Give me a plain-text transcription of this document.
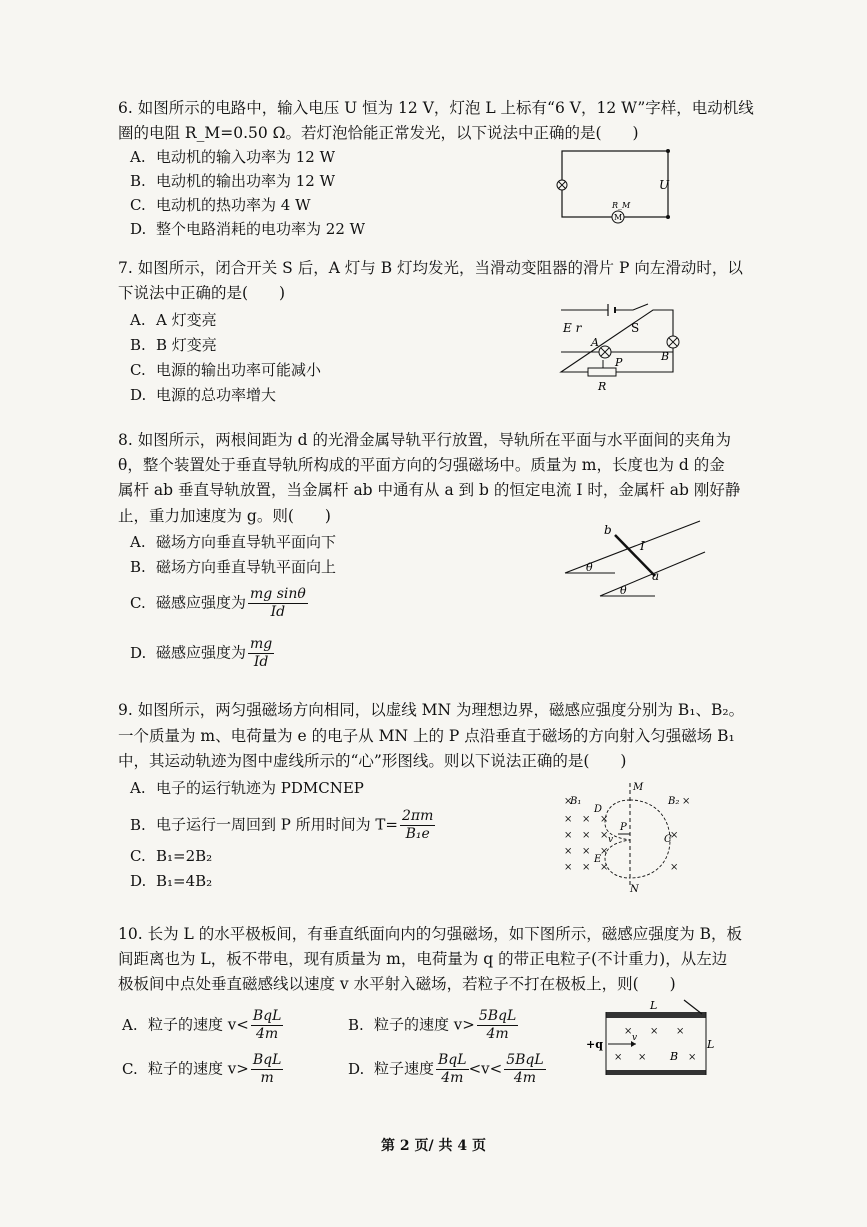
6. 如图所示的电路中，输入电压 U 恒为 12 V，灯泡 L 上标有“6 V，12 W”字样，电动机线
圈的电阻 R_M=0.50 Ω。若灯泡恰能正常发光，以下说法中正确的是(　　)
A. 电动机的输入功率为 12 W
B. 电动机的输出功率为 12 W
C. 电动机的热功率为 4 W
D. 整个电路消耗的电功率为 22 W
M
R_M
U
7. 如图所示，闭合开关 S 后，A 灯与 B 灯均发光，当滑动变阻器的滑片 P 向左滑动时，以
下说法中正确的是(　　)
A. A 灯变亮
B. B 灯变亮
C. 电源的输出功率可能减小
D. 电源的总功率增大
E r	S
A
B
P
R
8. 如图所示，两根间距为 d 的光滑金属导轨平行放置，导轨所在平面与水平面间的夹角为
θ，整个装置处于垂直导轨所构成的平面方向的匀强磁场中。质量为 m，长度也为 d 的金
属杆 ab 垂直导轨放置，当金属杆 ab 中通有从 a 到 b 的恒定电流 I 时，金属杆 ab 刚好静
止，重力加速度为 g。则(　　)
A. 磁场方向垂直导轨平面向下
B. 磁场方向垂直导轨平面向上
C. 磁感应强度为 $\frac{\text{mg sinθ}}{Id}$
D. 磁感应强度为 $\frac{mg}{Id}$
b
I
a
θ
θ
9. 如图所示，两匀强磁场方向相同，以虚线 MN 为理想边界，磁感应强度分别为 B₁、B₂。
一个质量为 m、电荷量为 e 的电子从 MN 上的 P 点沿垂直于磁场的方向射入匀强磁场 B₁
中，其运动轨迹为图中虚线所示的“心”形图线。则以下说法正确的是(　　)
A. 电子的运行轨迹为 PDMCNEP
B. 电子运行一周回到 P 所用时间为 $T= \frac{2\pi m}{\text{B₁e}}$
C. B₁=2B₂
D. B₁=4B₂
M
N
B₁	B₂
×
× × ×
× × ×
× × ×
× × ×
×
×
×
D
C
E
P
v
10. 长为 L 的水平极板间，有垂直纸面向内的匀强磁场，如下图所示，磁感应强度为 B，板
间距离也为 L，板不带电，现有质量为 m，电荷量为 q 的带正电粒子(不计重力)，从左边
极板间中点处垂直磁感线以速度 v 水平射入磁场，若粒子不打在极板上，则(　　)
A. 粒子的速度 $v< \frac{\text{BqL}}{4m}$	B. 粒子的速度 $v> \frac{\text{5BqL}}{4m}$
C. 粒子的速度 $v> \frac{\text{BqL}}{m}$	D. 粒子速度 $\frac{\text{BqL}}{4m} <v< \frac{\text{5BqL}}{4m}$
L
L
+q	v
× × ×
× ×	×
B
第 2 页/ 共 4 页
